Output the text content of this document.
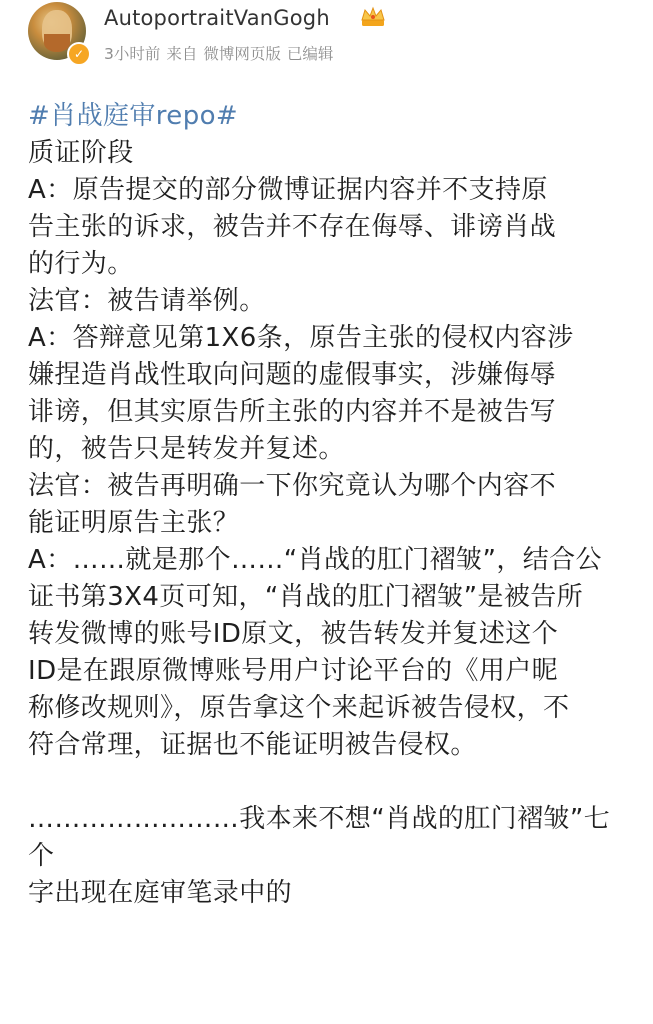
✓
AutoportraitVanGogh
3小时前 来自 微博网页版 已编辑

#肖战庭审repo#

质证阶段

A：原告提交的部分微博证据内容并不支持原

告主张的诉求，被告并不存在侮辱、诽谤肖战

的行为。

法官：被告请举例。

A：答辩意见第1X6条，原告主张的侵权内容涉

嫌捏造肖战性取向问题的虚假事实，涉嫌侮辱

诽谤，但其实原告所主张的内容并不是被告写

的，被告只是转发并复述。

法官：被告再明确一下你究竟认为哪个内容不

能证明原告主张？

A：……就是那个……“肖战的肛门褶皱”，结合公

证书第3X4页可知，“肖战的肛门褶皱”是被告所

转发微博的账号ID原文，被告转发并复述这个

ID是在跟原微博账号用户讨论平台的《用户昵

称修改规则》，原告拿这个来起诉被告侵权，不

符合常理，证据也不能证明被告侵权。

……………………我本来不想“肖战的肛门褶皱”七个

字出现在庭审笔录中的
